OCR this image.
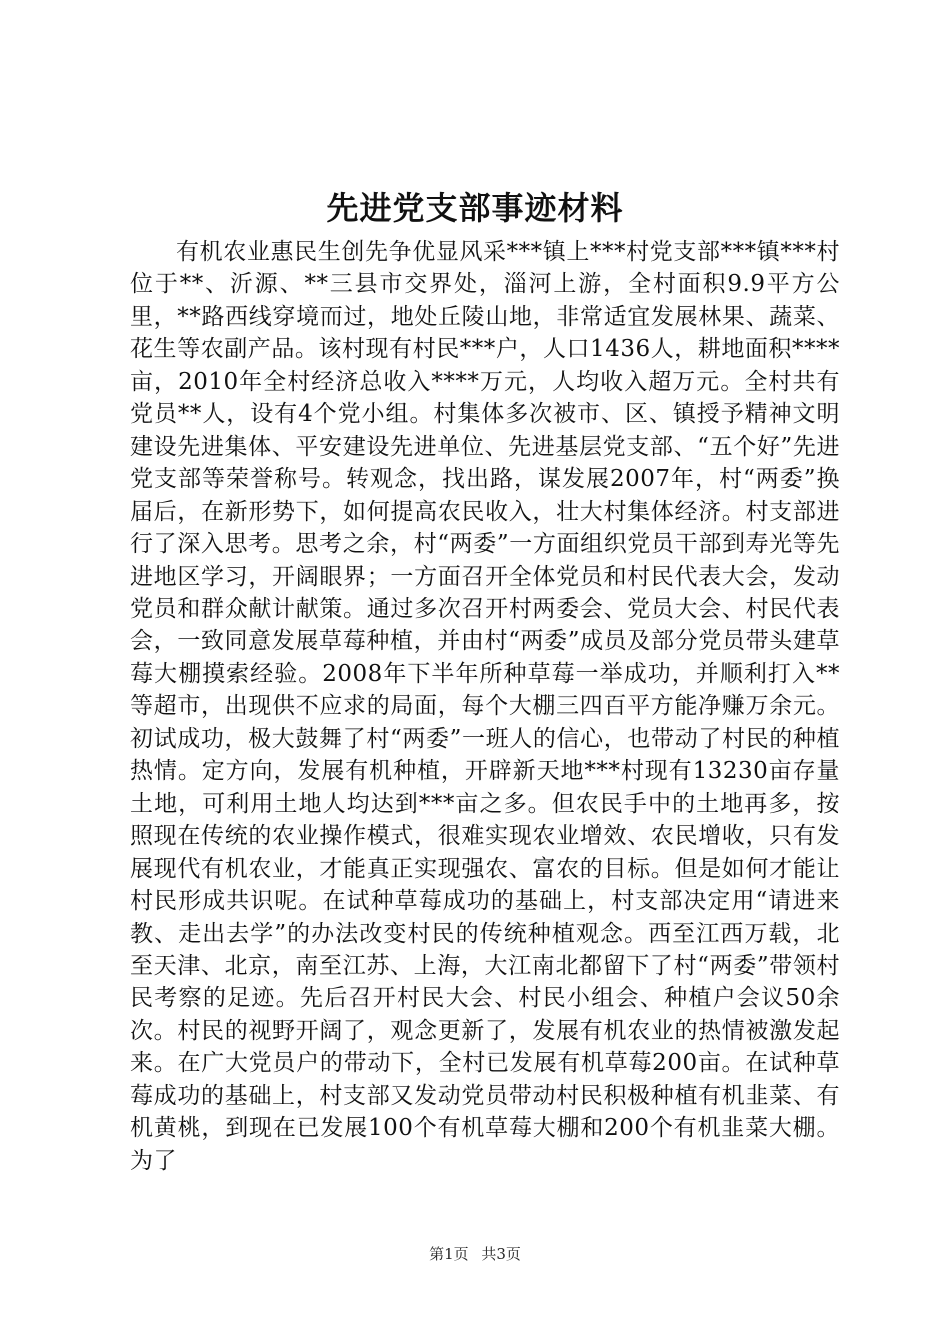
先进党支部事迹材料

有机农业惠民生创先争优显风采***镇上***村党支部***镇***村位于**、沂源、**三县市交界处，淄河上游，全村面积9.9平方公里，**路西线穿境而过，地处丘陵山地，非常适宜发展林果、蔬菜、花生等农副产品。该村现有村民***户，人口1436人，耕地面积****亩，2010年全村经济总收入****万元，人均收入超万元。全村共有党员**人，设有4个党小组。村集体多次被市、区、镇授予精神文明建设先进集体、平安建设先进单位、先进基层党支部、“五个好”先进党支部等荣誉称号。转观念，找出路，谋发展2007年，村“两委”换届后，在新形势下，如何提高农民收入，壮大村集体经济。村支部进行了深入思考。思考之余，村“两委”一方面组织党员干部到寿光等先进地区学习，开阔眼界；一方面召开全体党员和村民代表大会，发动党员和群众献计献策。通过多次召开村两委会、党员大会、村民代表会，一致同意发展草莓种植，并由村“两委”成员及部分党员带头建草莓大棚摸索经验。2008年下半年所种草莓一举成功，并顺利打入**等超市，出现供不应求的局面，每个大棚三四百平方能净赚万余元。初试成功，极大鼓舞了村“两委”一班人的信心，也带动了村民的种植热情。定方向，发展有机种植，开辟新天地***村现有13230亩存量土地，可利用土地人均达到***亩之多。但农民手中的土地再多，按照现在传统的农业操作模式，很难实现农业增效、农民增收，只有发展现代有机农业，才能真正实现强农、富农的目标。但是如何才能让村民形成共识呢。在试种草莓成功的基础上，村支部决定用“请进来教、走出去学”的办法改变村民的传统种植观念。西至江西万载，北至天津、北京，南至江苏、上海，大江南北都留下了村“两委”带领村民考察的足迹。先后召开村民大会、村民小组会、种植户会议50余次。村民的视野开阔了，观念更新了，发展有机农业的热情被激发起来。在广大党员户的带动下，全村已发展有机草莓200亩。在试种草莓成功的基础上，村支部又发动党员带动村民积极种植有机韭菜、有机黄桃，到现在已发展100个有机草莓大棚和200个有机韭菜大棚。为了

第1页 共3页
